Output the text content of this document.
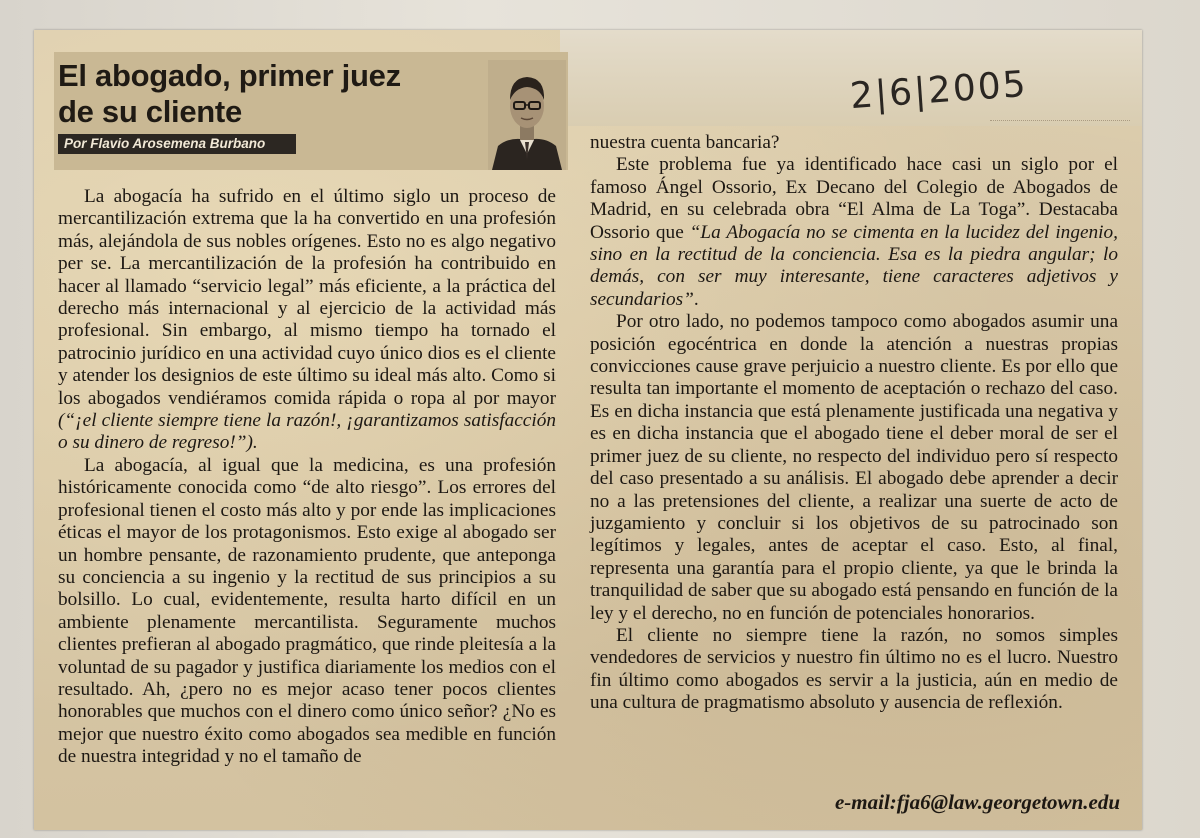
El abogado, primer juez
de su cliente
Por Flavio Arosemena Burbano
2|6|2005

La abogacía ha sufrido en el último siglo un proceso de mercantilización extrema que la ha convertido en una profesión más, alejándola de sus nobles orígenes. Esto no es algo negativo per se. La mercantilización de la profesión ha contribuido en hacer al llamado “servicio legal” más eficiente, a la práctica del derecho más internacional y al ejercicio de la actividad más profesional. Sin embargo, al mismo tiempo ha tornado el patrocinio jurídico en una actividad cuyo único dios es el cliente y atender los designios de este último su ideal más alto. Como si los abogados vendiéramos comida rápida o ropa al por mayor (“¡el cliente siempre tiene la razón!, ¡garantizamos satisfacción o su dinero de regreso!”).

La abogacía, al igual que la medicina, es una profesión históricamente conocida como “de alto riesgo”. Los errores del profesional tienen el costo más alto y por ende las implicaciones éticas el mayor de los protagonismos. Esto exige al abogado ser un hombre pensante, de razonamiento prudente, que anteponga su conciencia a su ingenio y la rectitud de sus principios a su bolsillo. Lo cual, evidentemente, resulta harto difícil en un ambiente plenamente mercantilista. Seguramente muchos clientes prefieran al abogado pragmático, que rinde pleitesía a la voluntad de su pagador y justifica diariamente los medios con el resultado. Ah, ¿pero no es mejor acaso tener pocos clientes honorables que muchos con el dinero como único señor? ¿No es mejor que nuestro éxito como abogados sea medible en función de nuestra integridad y no el tamaño de

nuestra cuenta bancaria?

Este problema fue ya identificado hace casi un siglo por el famoso Ángel Ossorio, Ex Decano del Colegio de Abogados de Madrid, en su celebrada obra “El Alma de La Toga”. Destacaba Ossorio que “La Abogacía no se cimenta en la lucidez del ingenio, sino en la rectitud de la conciencia. Esa es la piedra angular; lo demás, con ser muy interesante, tiene caracteres adjetivos y secundarios”.

Por otro lado, no podemos tampoco como abogados asumir una posición egocéntrica en donde la atención a nuestras propias convicciones cause grave perjuicio a nuestro cliente. Es por ello que resulta tan importante el momento de aceptación o rechazo del caso. Es en dicha instancia que está plenamente justificada una negativa y es en dicha instancia que el abogado tiene el deber moral de ser el primer juez de su cliente, no respecto del individuo pero sí respecto del caso presentado a su análisis. El abogado debe aprender a decir no a las pretensiones del cliente, a realizar una suerte de acto de juzgamiento y concluir si los objetivos de su patrocinado son legítimos y legales, antes de aceptar el caso. Esto, al final, representa una garantía para el propio cliente, ya que le brinda la tranquilidad de saber que su abogado está pensando en función de la ley y el derecho, no en función de potenciales honorarios.

El cliente no siempre tiene la razón, no somos simples vendedores de servicios y nuestro fin último no es el lucro. Nuestro fin último como abogados es servir a la justicia, aún en medio de una cultura de pragmatismo absoluto y ausencia de reflexión.

e-mail:fja6@law.georgetown.edu
